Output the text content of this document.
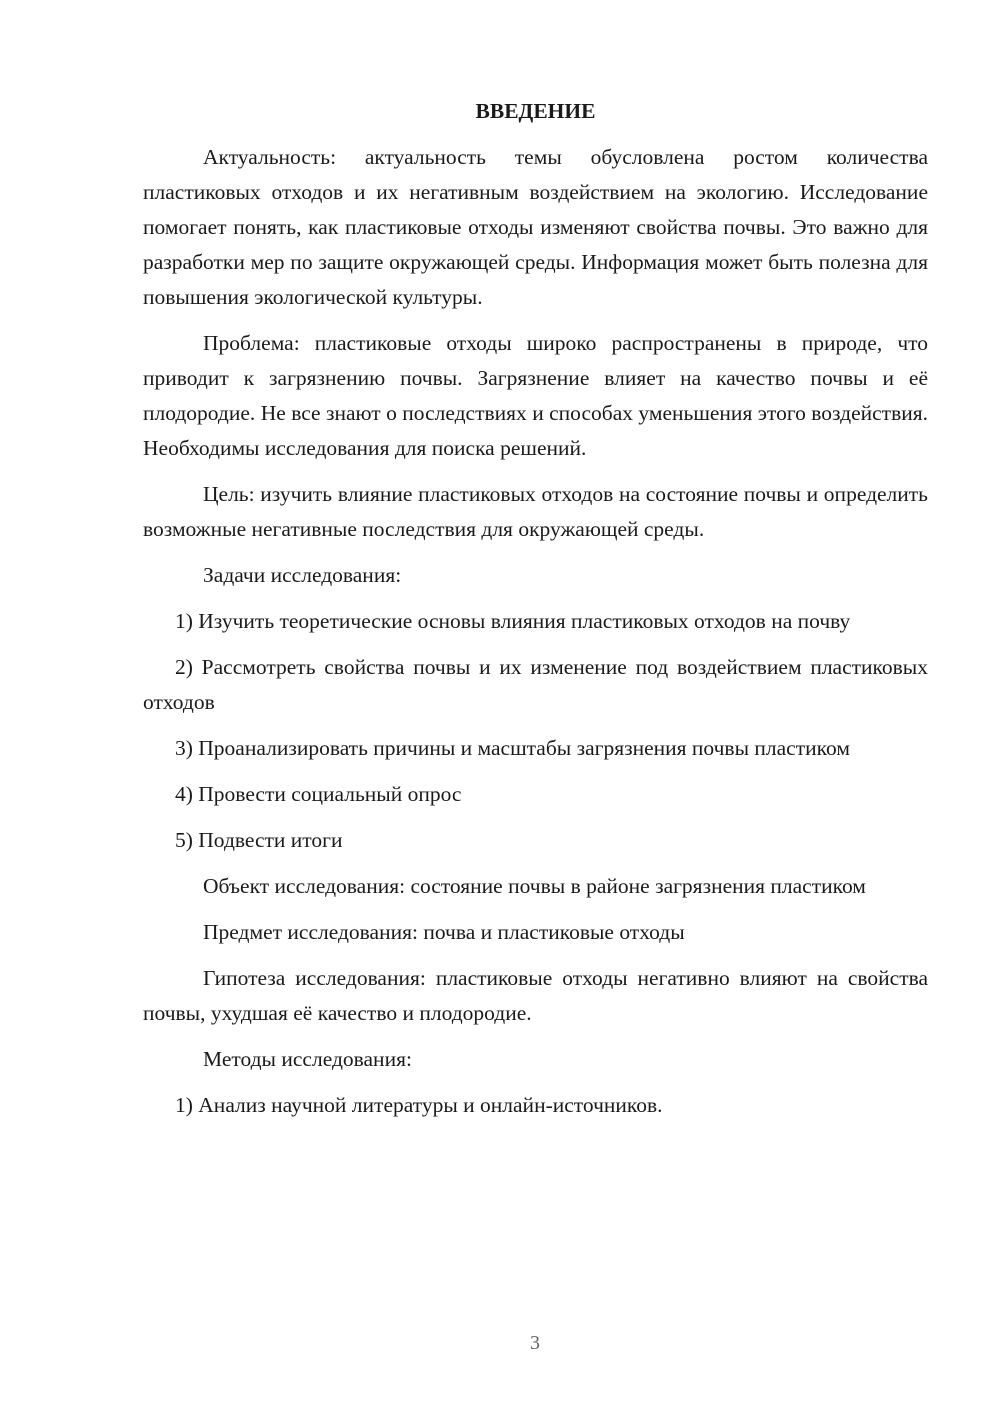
ВВЕДЕНИЕ

Актуальность: актуальность темы обусловлена ростом количества пластиковых отходов и их негативным воздействием на экологию. Исследование помогает понять, как пластиковые отходы изменяют свойства почвы. Это важно для разработки мер по защите окружающей среды. Информация может быть полезна для повышения экологической культуры.

Проблема: пластиковые отходы широко распространены в природе, что приводит к загрязнению почвы. Загрязнение влияет на качество почвы и её плодородие. Не все знают о последствиях и способах уменьшения этого воздействия. Необходимы исследования для поиска решений.

Цель: изучить влияние пластиковых отходов на состояние почвы и определить возможные негативные последствия для окружающей среды.

Задачи исследования:

1) Изучить теоретические основы влияния пластиковых отходов на почву

2) Рассмотреть свойства почвы и их изменение под воздействием пластиковых отходов

3) Проанализировать причины и масштабы загрязнения почвы пластиком

4) Провести социальный опрос

5) Подвести итоги

Объект исследования: состояние почвы в районе загрязнения пластиком

Предмет исследования: почва и пластиковые отходы

Гипотеза исследования: пластиковые отходы негативно влияют на свойства почвы, ухудшая её качество и плодородие.

Методы исследования:

1) Анализ научной литературы и онлайн-источников.

3
